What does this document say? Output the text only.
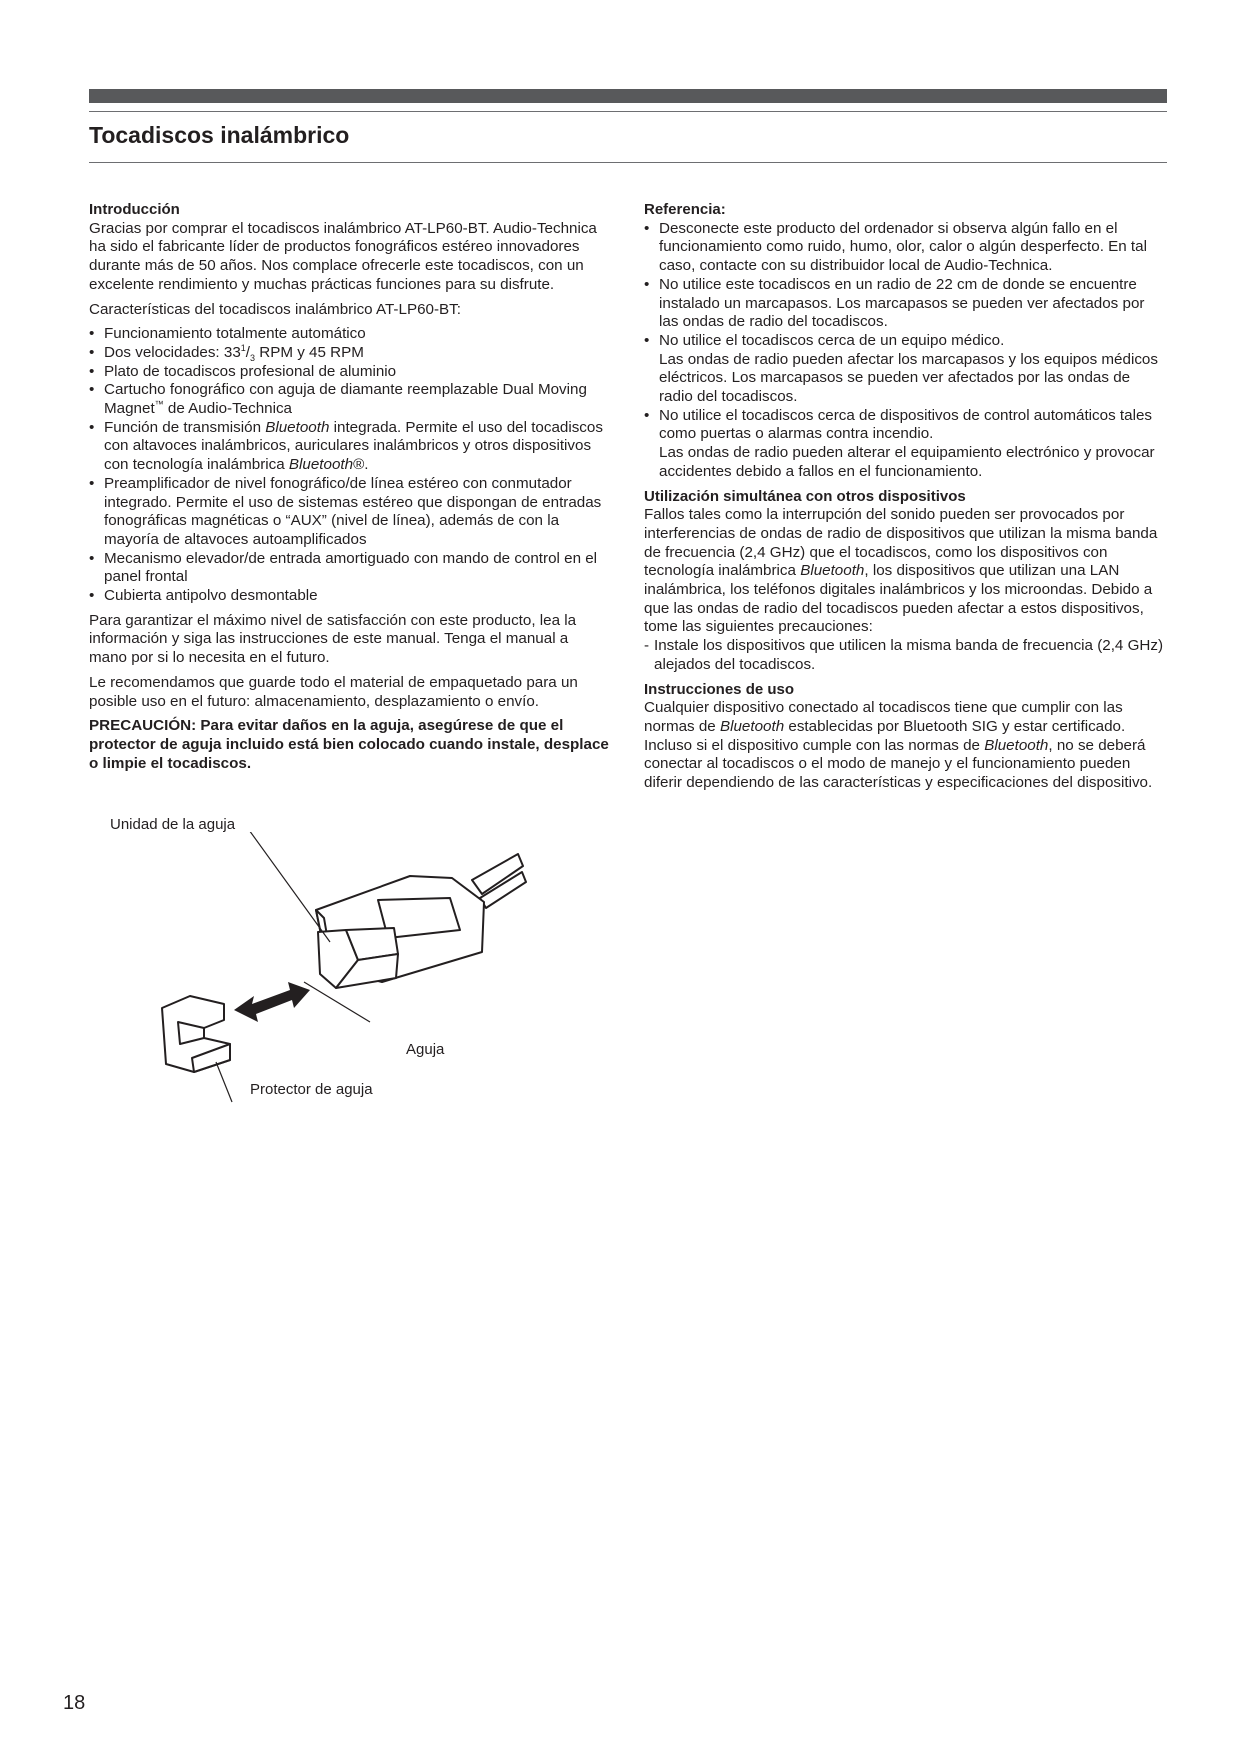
Tocadiscos inalámbrico
Introducción

Gracias por comprar el tocadiscos inalámbrico AT-LP60-BT. Audio-Technica ha sido el fabricante líder de productos fonográficos estéreo innovadores durante más de 50 años. Nos complace ofrecerle este tocadiscos, con un excelente rendimiento y muchas prácticas funciones para su disfrute.

Características del tocadiscos inalámbrico AT-LP60-BT:

• Funcionamiento totalmente automático
• Dos velocidades: $33^1/_3$ RPM y 45 RPM
• Plato de tocadiscos profesional de aluminio
• Cartucho fonográfico con aguja de diamante reemplazable Dual Moving Magnet™ de Audio-Technica
• Función de transmisión Bluetooth integrada. Permite el uso del tocadiscos con altavoces inalámbricos, auriculares inalámbricos y otros dispositivos con tecnología inalámbrica Bluetooth®.
• Preamplificador de nivel fonográfico/de línea estéreo con conmutador integrado. Permite el uso de sistemas estéreo que dispongan de entradas fonográficas magnéticas o “AUX” (nivel de línea), además de con la mayoría de altavoces autoamplificados
• Mecanismo elevador/de entrada amortiguado con mando de control en el panel frontal
• Cubierta antipolvo desmontable

Para garantizar el máximo nivel de satisfacción con este producto, lea la información y siga las instrucciones de este manual. Tenga el manual a mano por si lo necesita en el futuro.

Le recomendamos que guarde todo el material de empaquetado para un posible uso en el futuro: almacenamiento, desplazamiento o envío.

PRECAUCIÓN: Para evitar daños en la aguja, asegúrese de que el protector de aguja incluido está bien colocado cuando instale, desplace o limpie el tocadiscos.

Unidad de la aguja
Aguja
Protector de aguja
Referencia:
• Desconecte este producto del ordenador si observa algún fallo en el funcionamiento como ruido, humo, olor, calor o algún desperfecto. En tal caso, contacte con su distribuidor local de Audio-Technica.
• No utilice este tocadiscos en un radio de 22 cm de donde se encuentre instalado un marcapasos. Los marcapasos se pueden ver afectados por las ondas de radio del tocadiscos.
• No utilice el tocadiscos cerca de un equipo médico.
Las ondas de radio pueden afectar los marcapasos y los equipos médicos eléctricos. Los marcapasos se pueden ver afectados por las ondas de radio del tocadiscos.
• No utilice el tocadiscos cerca de dispositivos de control automáticos tales como puertas o alarmas contra incendio.
Las ondas de radio pueden alterar el equipamiento electrónico y provocar accidentes debido a fallos en el funcionamiento.
Utilización simultánea con otros dispositivos

Fallos tales como la interrupción del sonido pueden ser provocados por interferencias de ondas de radio de dispositivos que utilizan la misma banda de frecuencia (2,4 GHz) que el tocadiscos, como los dispositivos con tecnología inalámbrica Bluetooth, los dispositivos que utilizan una LAN inalámbrica, los teléfonos digitales inalámbricos y los microondas. Debido a que las ondas de radio del tocadiscos pueden afectar a estos dispositivos, tome las siguientes precauciones:

- Instale los dispositivos que utilicen la misma banda de frecuencia (2,4 GHz) alejados del tocadiscos.
Instrucciones de uso

Cualquier dispositivo conectado al tocadiscos tiene que cumplir con las normas de Bluetooth establecidas por Bluetooth SIG y estar certificado.

Incluso si el dispositivo cumple con las normas de Bluetooth, no se deberá conectar al tocadiscos o el modo de manejo y el funcionamiento pueden diferir dependiendo de las características y especificaciones del dispositivo.

18
